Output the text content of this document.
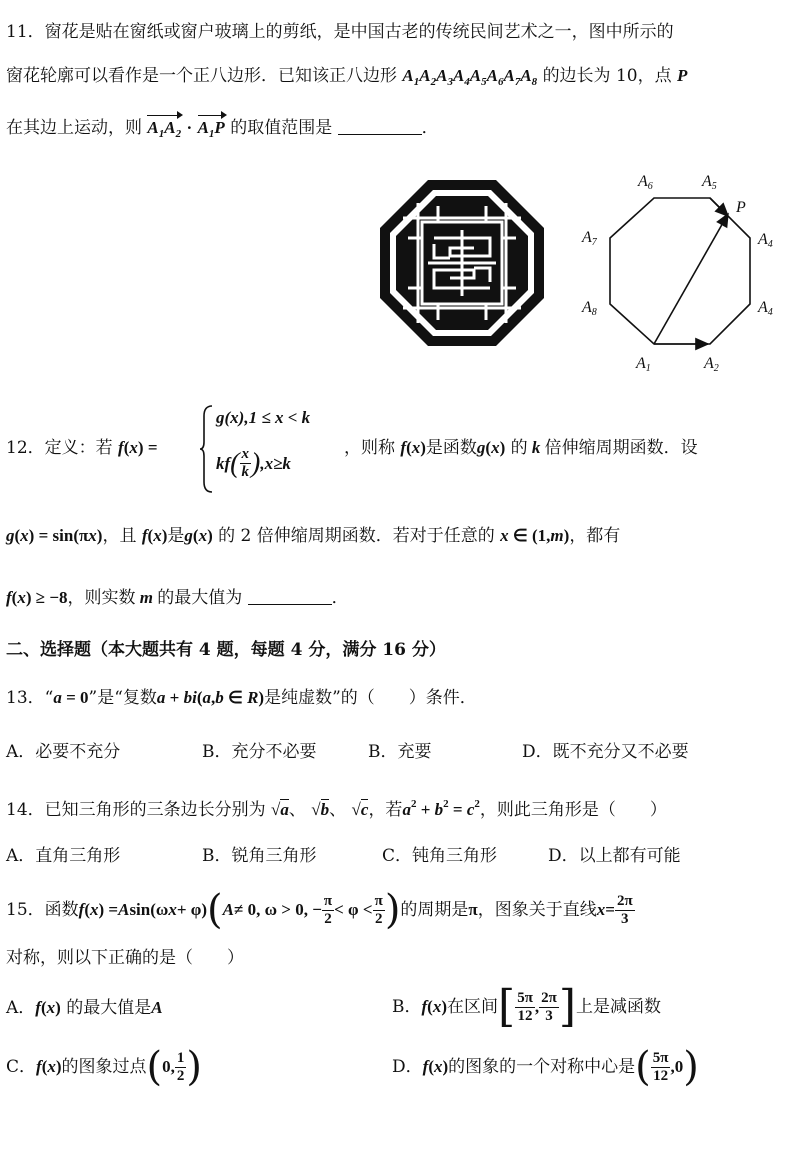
11．窗花是贴在窗纸或窗户玻璃上的剪纸，是中国古老的传统民间艺术之一，图中所示的
窗花轮廓可以看作是一个正八边形．已知该正八边形 $A_1A_2A_3A_4A_5A_6A_7A_8$ 的边长为 10，点 P
在其边上运动，则 $A_1A_2 \cdot A_1P$ 的取值范围是	．
A6	A5
P
A4
A4
A7
A8
A1	A2
12．定义：若 f(x) =
g(x),1 ≤ x < k
kf ( $\frac{x}{k}$ ) , x ≥ k
，则称 f(x)是函数g(x) 的 k 倍伸缩周期函数．设
g(x) = sin(πx)，且 f(x)是g(x) 的 2 倍伸缩周期函数．若对于任意的 x ∈ (1,m)，都有
f(x) ≥ −8，则实数 m 的最大值为	．
二、选择题（本大题共有 4 题，每题 4 分，满分 16 分）
13．“a = 0”是“复数a + bi(a,b ∈ R)是纯虚数”的（　　）条件．
A．必要不充分	B．充分不必要	B．充要	D．既不充分又不必要
14．已知三角形的三条边长分别为 √a、 √b、 √c，若$a^2 + b^2 = c^2$，则此三角形是（　　）
A．直角三角形	B．锐角三角形	C．钝角三角形	D．以上都有可能
15．函数 f ( x ) = A sin(ω x + φ) ( A ≠ 0, ω > 0, − $\frac{\pi}{2} < \varphi < \frac{\pi}{2}$ ) 的周期是 π ，图象关于直线 $x = \frac{2\pi}{3}$
对称，则以下正确的是（　　）
A．f(x) 的最大值是A	B． f ( x ) 在区间 [ $\frac{5\pi}{12}$ , $\frac{2\pi}{3}$ ] 上是减函数
C． f ( x ) 的图象过点 ( 0, $\frac{1}{2}$ )	D． f ( x ) 的图象的一个对称中心是 ( $\frac{5\pi}{12} ,0$ )
